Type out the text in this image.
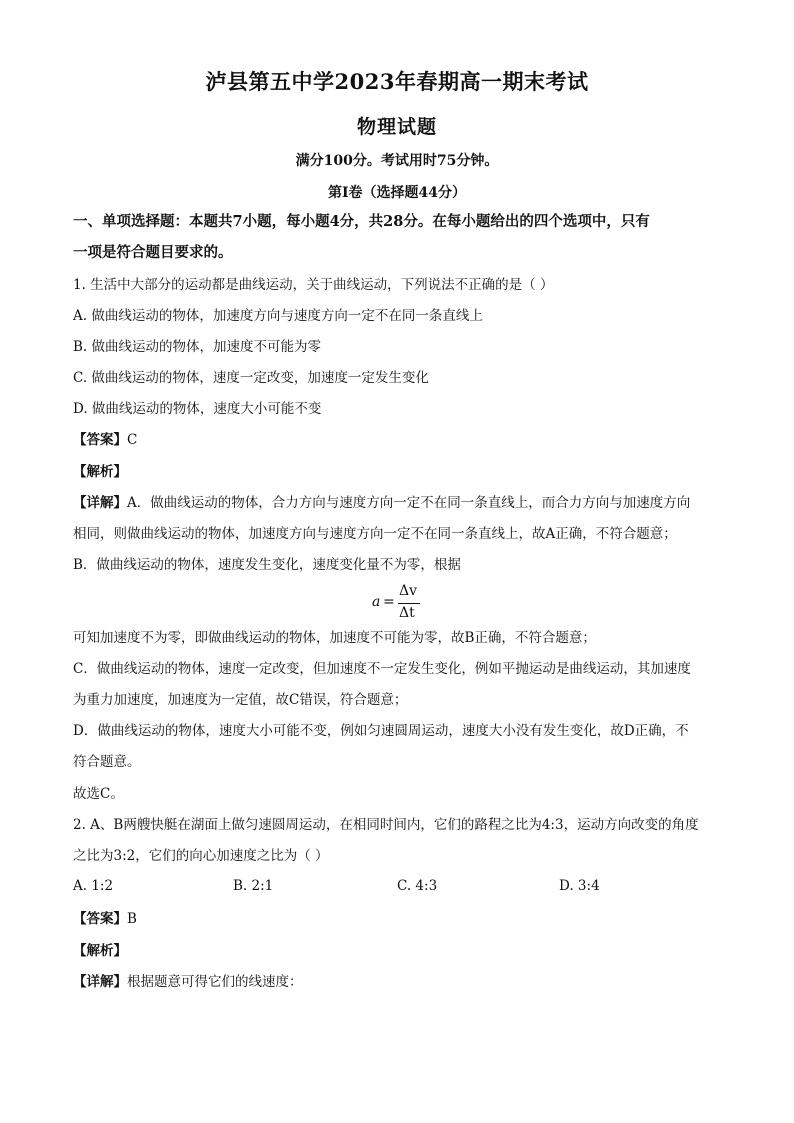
泸县第五中学2023年春期高一期末考试
物理试题
满分100分。考试用时75分钟。
第I卷（选择题44分）
一、单项选择题：本题共7小题，每小题4分，共28分。在每小题给出的四个选项中，只有
一项是符合题目要求的。
1. 生活中大部分的运动都是曲线运动，关于曲线运动，下列说法不正确的是（ ）
A. 做曲线运动的物体，加速度方向与速度方向一定不在同一条直线上
B. 做曲线运动的物体，加速度不可能为零
C. 做曲线运动的物体，速度一定改变，加速度一定发生变化
D. 做曲线运动的物体，速度大小可能不变
【答案】C
【解析】
【详解】A．做曲线运动的物体，合力方向与速度方向一定不在同一条直线上，而合力方向与加速度方向
相同，则做曲线运动的物体，加速度方向与速度方向一定不在同一条直线上，故A正确，不符合题意；
B．做曲线运动的物体，速度发生变化，速度变化量不为零，根据
a =
Δv
Δt
可知加速度不为零，即做曲线运动的物体，加速度不可能为零，故B正确，不符合题意；
C．做曲线运动的物体，速度一定改变，但加速度不一定发生变化，例如平抛运动是曲线运动，其加速度
为重力加速度，加速度为一定值，故C错误，符合题意；
D．做曲线运动的物体，速度大小可能不变，例如匀速圆周运动，速度大小没有发生变化，故D正确，不
符合题意。
故选C。
2. A、B两艘快艇在湖面上做匀速圆周运动，在相同时间内，它们的路程之比为4:3，运动方向改变的角度
之比为3:2，它们的向心加速度之比为（ ）
A. 1:2	B. 2:1	C. 4:3	D. 3:4
【答案】B
【解析】
【详解】根据题意可得它们的线速度：
